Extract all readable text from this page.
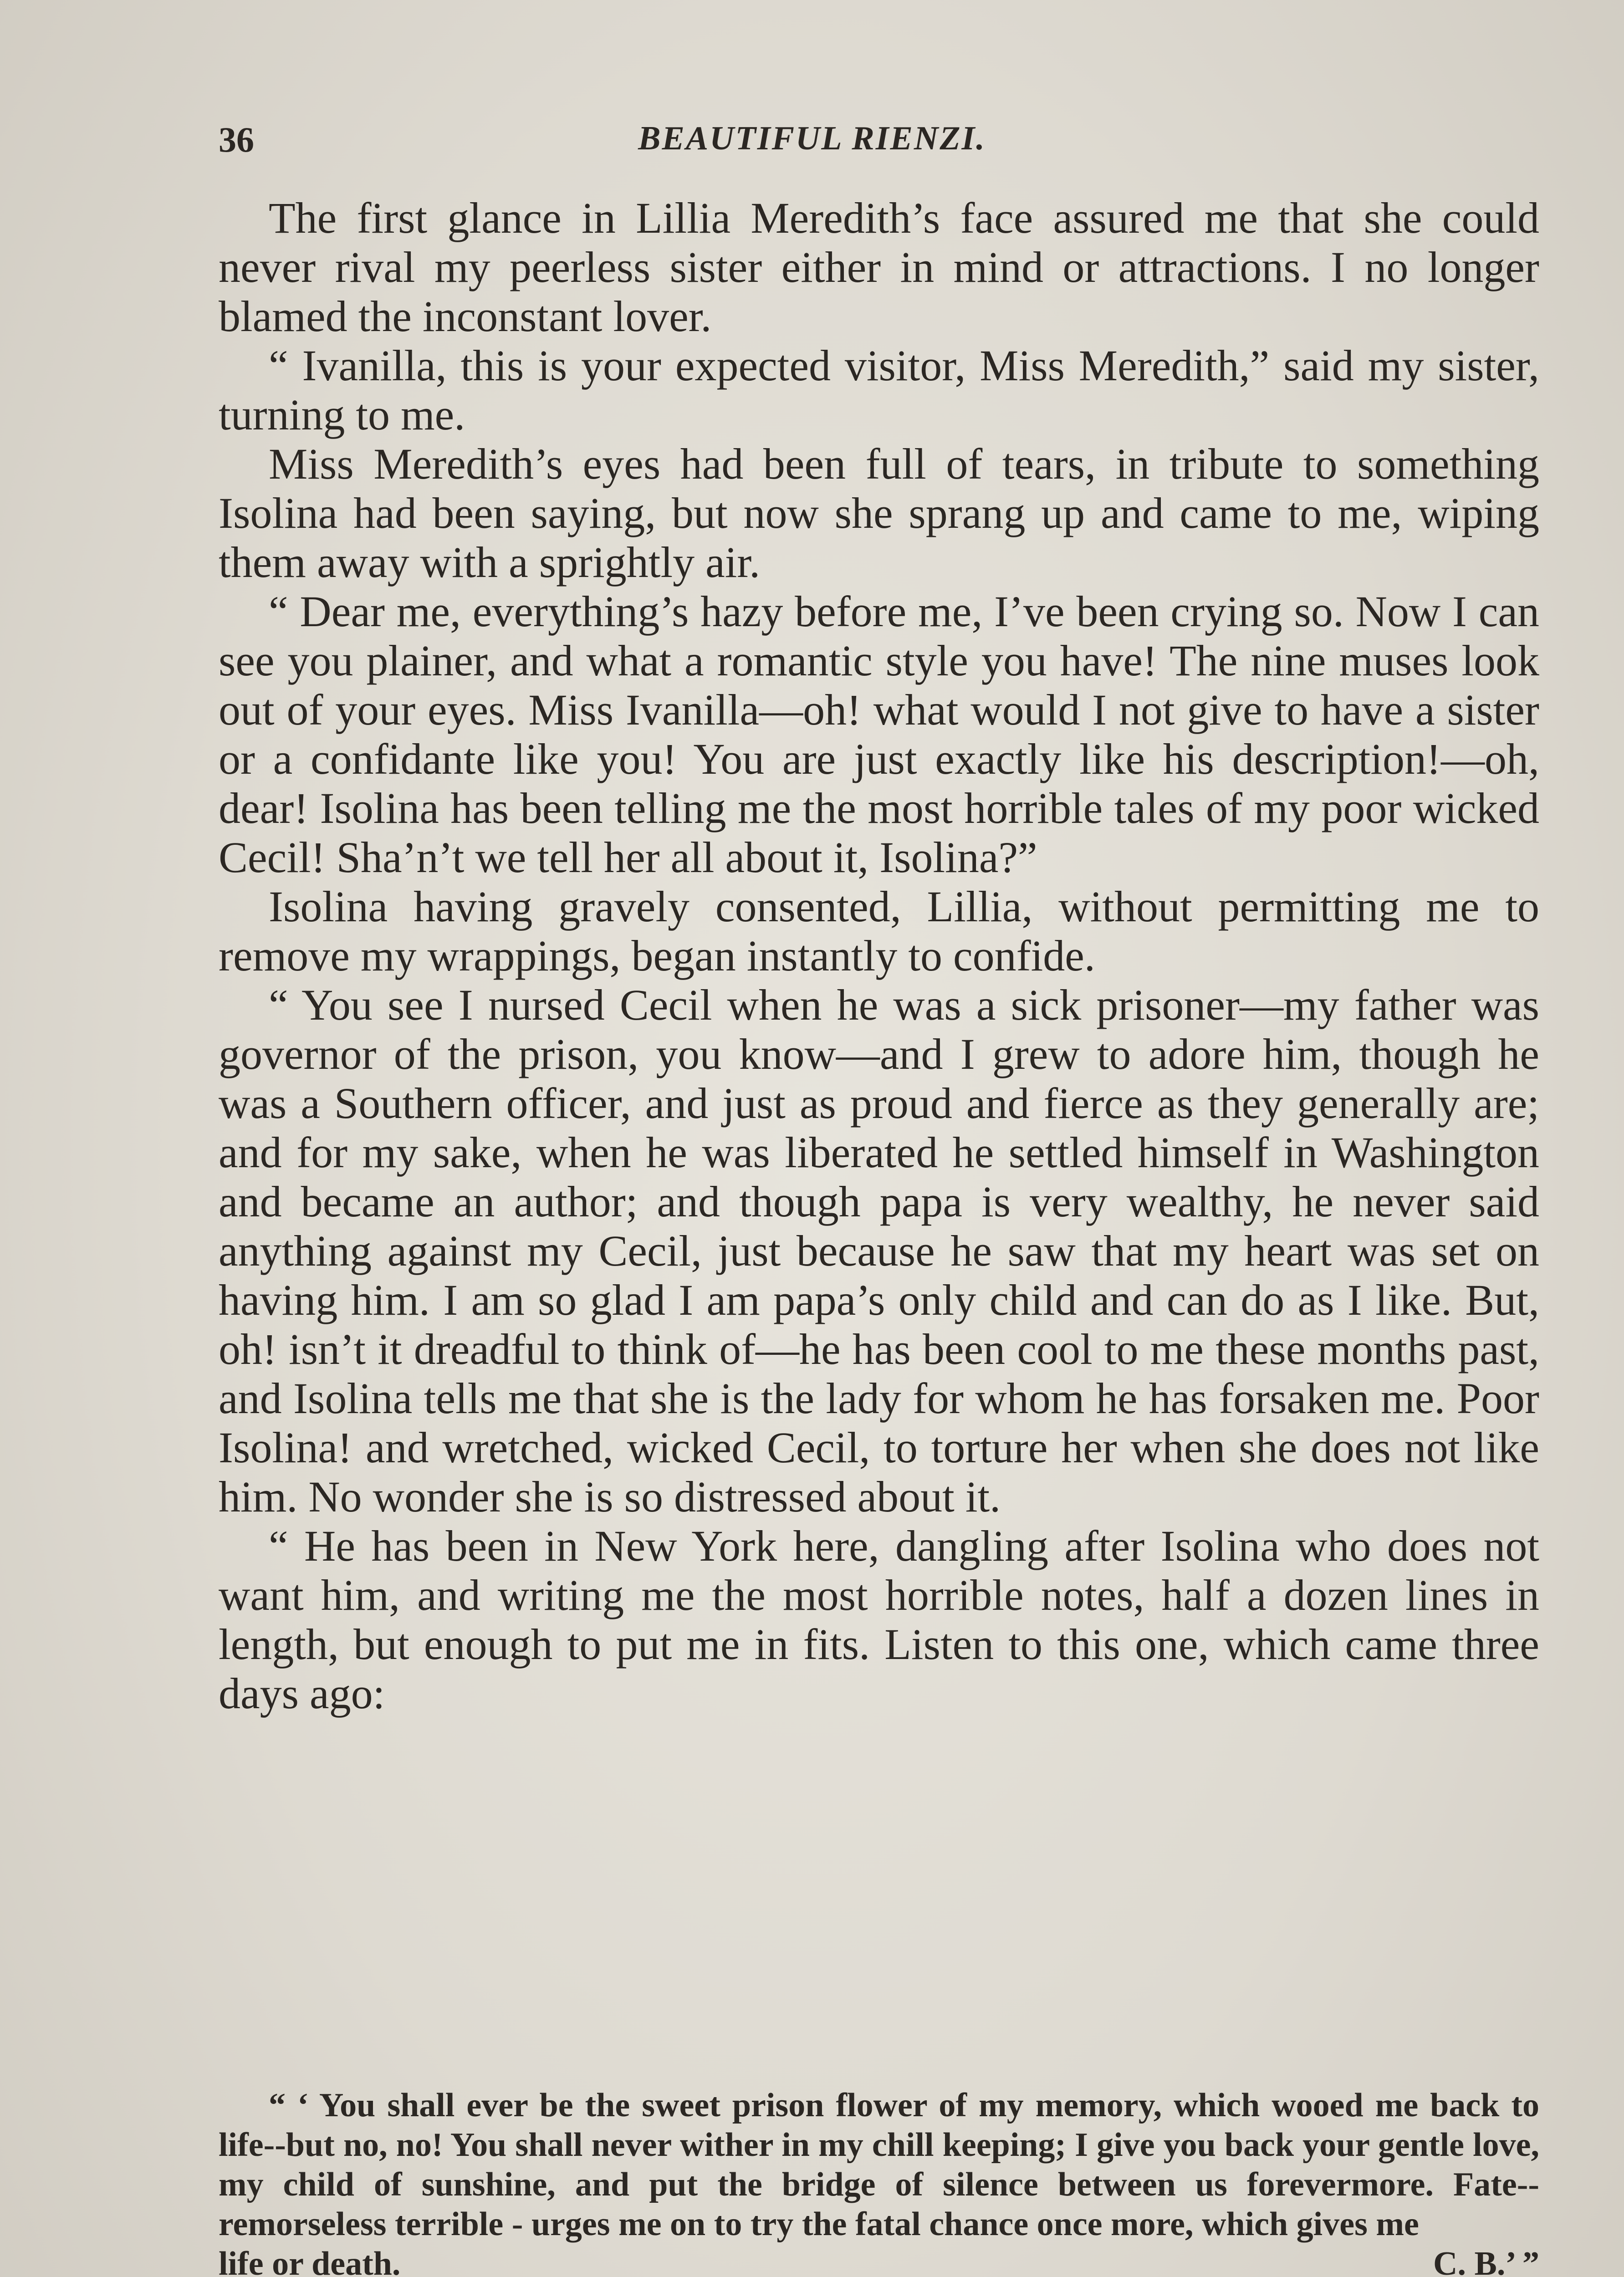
36	BEAUTIFUL RIENZI.

The first glance in Lillia Meredith’s face assured me that she could never rival my peerless sister either in mind or attractions. I no longer blamed the inconstant lover.

“ Ivanilla, this is your expected visitor, Miss Meredith,” said my sister, turning to me.

Miss Meredith’s eyes had been full of tears, in tribute to something Isolina had been saying, but now she sprang up and came to me, wiping them away with a sprightly air.

“ Dear me, everything’s hazy before me, I’ve been crying so. Now I can see you plainer, and what a romantic style you have! The nine muses look out of your eyes. Miss Ivanilla—oh! what would I not give to have a sister or a confidante like you! You are just exactly like his description!—oh, dear! Isolina has been telling me the most horrible tales of my poor wicked Cecil! Sha’n’t we tell her all about it, Isolina?”

Isolina having gravely consented, Lillia, without permitting me to remove my wrappings, began instantly to confide.

“ You see I nursed Cecil when he was a sick prisoner—my father was governor of the prison, you know—and I grew to adore him, though he was a Southern officer, and just as proud and fierce as they generally are; and for my sake, when he was liberated he settled himself in Washington and became an author; and though papa is very wealthy, he never said anything against my Cecil, just because he saw that my heart was set on having him. I am so glad I am papa’s only child and can do as I like. But, oh! isn’t it dreadful to think of—he has been cool to me these months past, and Isolina tells me that she is the lady for whom he has forsaken me. Poor Isolina! and wretched, wicked Cecil, to torture her when she does not like him. No wonder she is so distressed about it.

“ He has been in New York here, dangling after Isolina who does not want him, and writing me the most horrible notes, half a dozen lines in length, but enough to put me in fits. Listen to this one, which came three days ago:

“ ‘ You shall ever be the sweet prison flower of my memory, which wooed me back to life--but no, no! You shall never wither in my chill keeping; I give you back your gentle love, my child of sunshine, and put the bridge of silence between us forevermore. Fate--remorseless terrible - urges me on to try the fatal chance once more, which gives me

life or death.	C. B.’ ”
